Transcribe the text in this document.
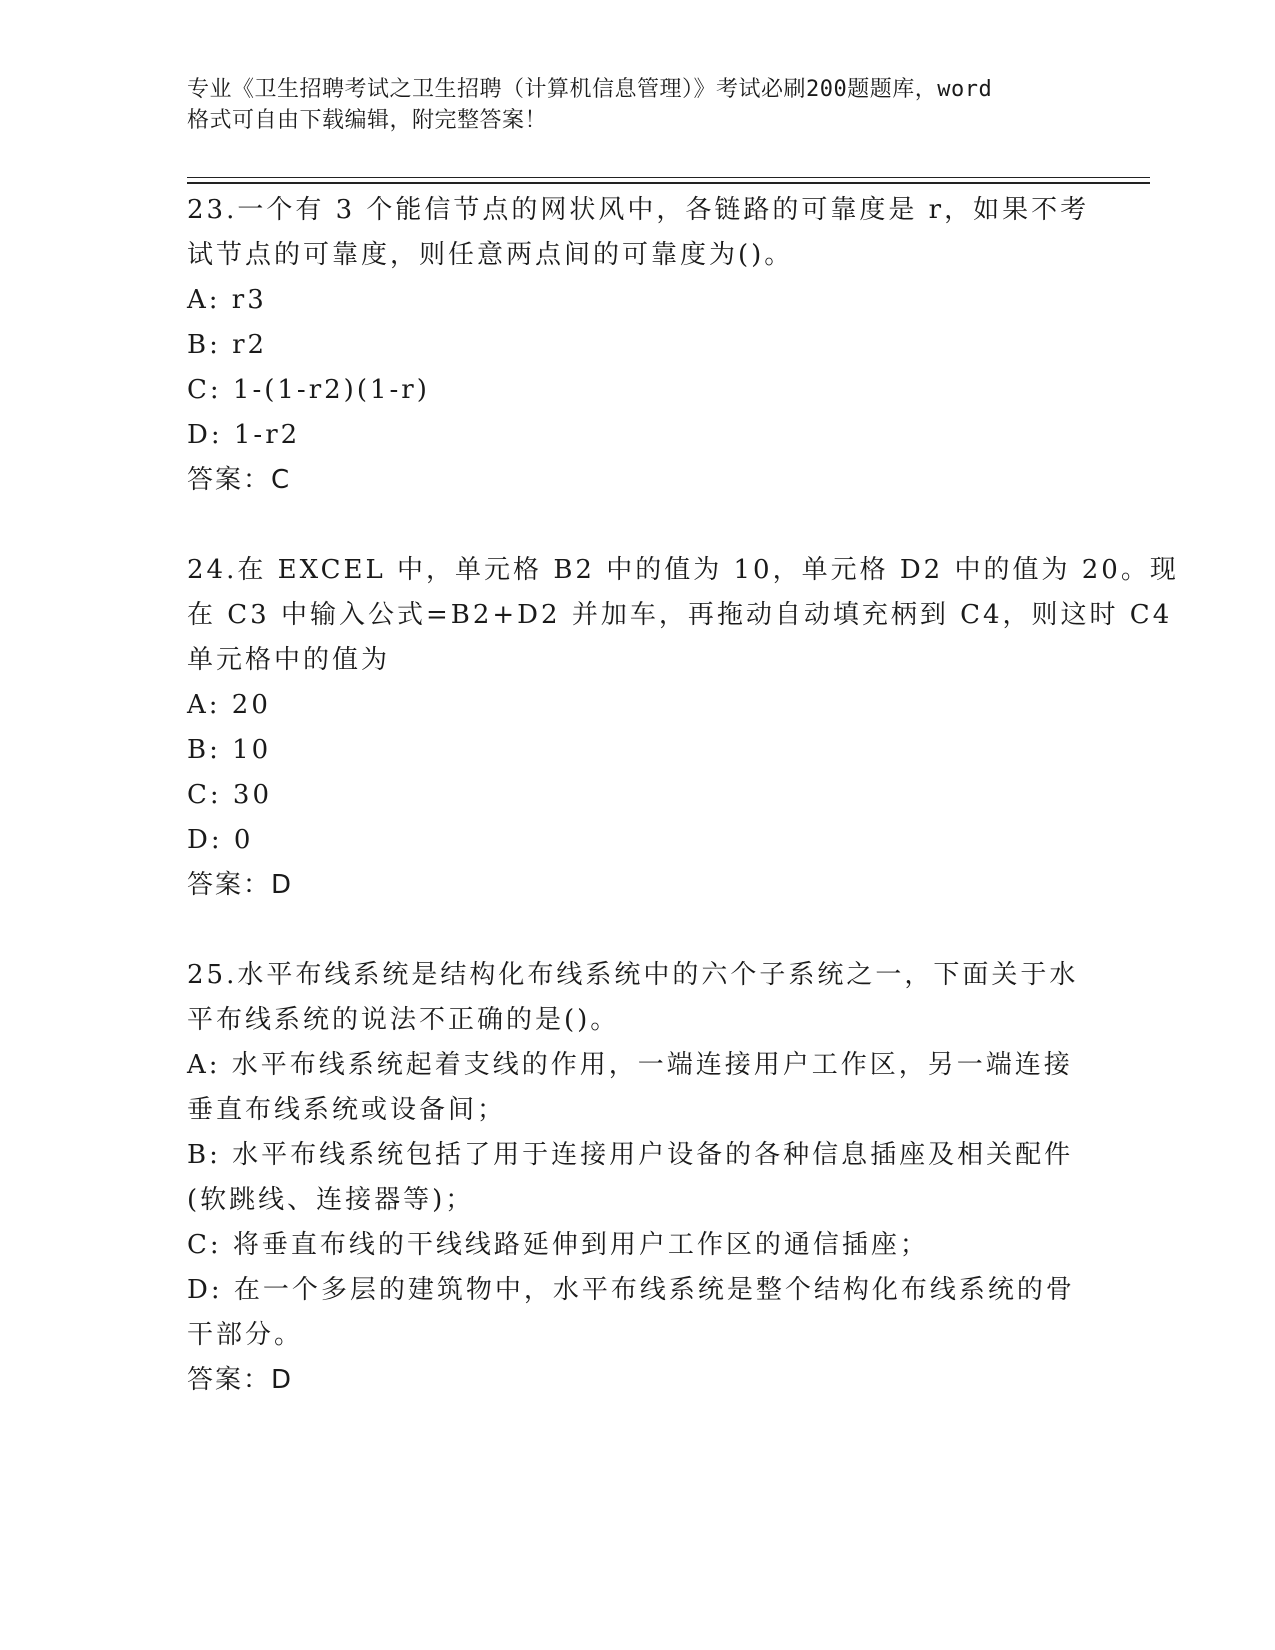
专业《卫生招聘考试之卫生招聘（计算机信息管理）》考试必刷200题题库，word
格式可自由下载编辑，附完整答案！
23.一个有 3 个能信节点的网状风中，各链路的可靠度是 r，如果不考
试节点的可靠度，则任意两点间的可靠度为()。
A: r3
B: r2
C: 1-(1-r2)(1-r)
D: 1-r2
答案：C
24.在 EXCEL 中，单元格 B2 中的值为 10，单元格 D2 中的值为 20。现
在 C3 中输入公式=B2+D2 并加车，再拖动自动填充柄到 C4，则这时 C4
单元格中的值为
A: 20
B: 10
C: 30
D: 0
答案：D
25.水平布线系统是结构化布线系统中的六个子系统之一，下面关于水
平布线系统的说法不正确的是()。
A: 水平布线系统起着支线的作用，一端连接用户工作区，另一端连接
垂直布线系统或设备间；
B: 水平布线系统包括了用于连接用户设备的各种信息插座及相关配件
(软跳线、连接器等)；
C: 将垂直布线的干线线路延伸到用户工作区的通信插座；
D: 在一个多层的建筑物中，水平布线系统是整个结构化布线系统的骨
干部分。
答案：D
